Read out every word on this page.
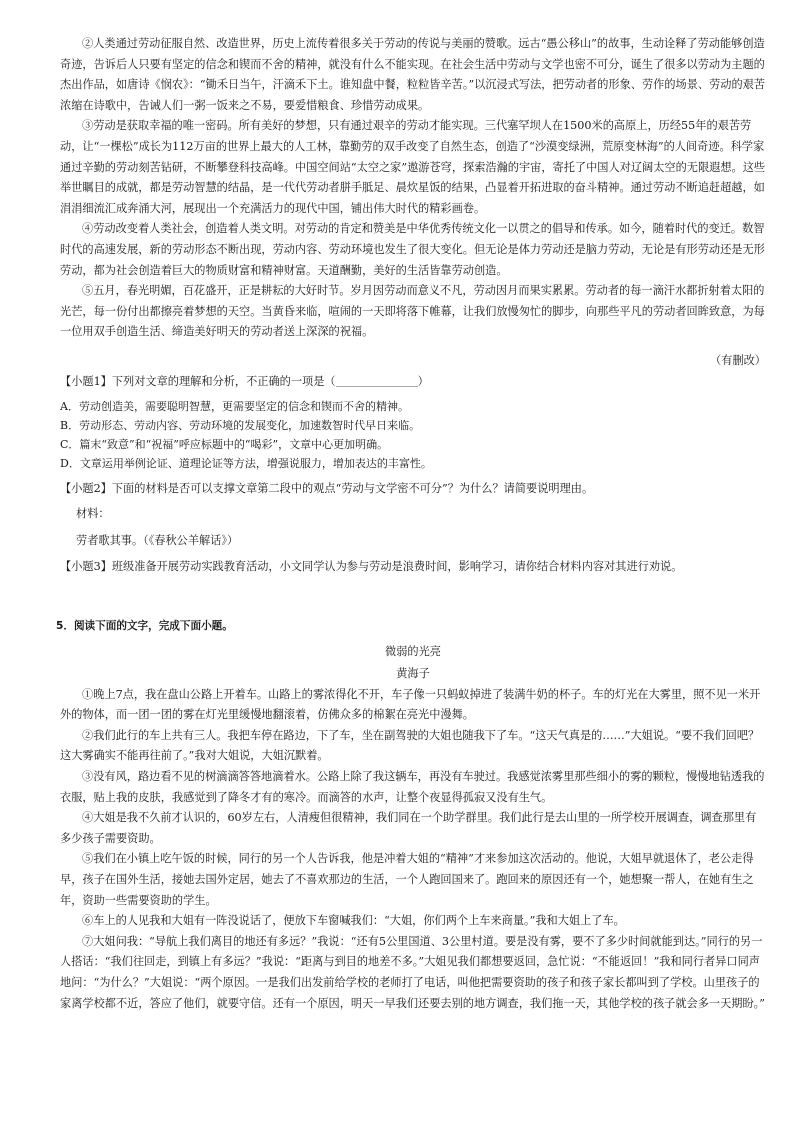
②人类通过劳动征服自然、改造世界，历史上流传着很多关于劳动的传说与美丽的赞歌。远古“愚公移山”的故事，生动诠释了劳动能够创造奇迹，告诉后人只要有坚定的信念和锲而不舍的精神，就没有什么不能实现。在社会生活中劳动与文学也密不可分，诞生了很多以劳动为主题的杰出作品，如唐诗《悯农》：“锄禾日当午，汗滴禾下土。谁知盘中餐，粒粒皆辛苦。”以沉浸式写法，把劳动者的形象、劳作的场景、劳动的艰苦浓缩在诗歌中，告诫人们一粥一饭来之不易，要爱惜粮食、珍惜劳动成果。

③劳动是获取幸福的唯一密码。所有美好的梦想，只有通过艰辛的劳动才能实现。三代塞罕坝人在1500米的高原上，历经55年的艰苦劳动，让“一棵松”成长为112万亩的世界上最大的人工林，靠勤劳的双手改变了自然生态，创造了“沙漠变绿洲，荒原变林海”的人间奇迹。科学家通过辛勤的劳动刻苦钻研，不断攀登科技高峰。中国空间站“太空之家”遨游苍穹，探索浩瀚的宇宙，寄托了中国人对辽阔太空的无限遐想。这些举世瞩目的成就，都是劳动智慧的结晶，是一代代劳动者胼手胝足、晨炊星饭的结果，凸显着开拓进取的奋斗精神。通过劳动不断追赶超越，如涓涓细流汇成奔涌大河，展现出一个充满活力的现代中国，铺出伟大时代的精彩画卷。

④劳动改变着人类社会，创造着人类文明。对劳动的肯定和赞美是中华优秀传统文化一以贯之的倡导和传承。如今，随着时代的变迁。数智时代的高速发展，新的劳动形态不断出现，劳动内容、劳动环境也发生了很大变化。但无论是体力劳动还是脑力劳动，无论是有形劳动还是无形劳动，都为社会创造着巨大的物质财富和精神财富。天道酬勤，美好的生活皆靠劳动创造。

⑤五月，春光明媚，百花盛开，正是耕耘的大好时节。岁月因劳动而意义不凡，劳动因月而果实累累。劳动者的每一滴汗水都折射着太阳的光芒，每一份付出都擦亮着梦想的天空。当黄昏来临，喧闹的一天即将落下帷幕，让我们放慢匆忙的脚步，向那些平凡的劳动者回眸致意，为每一位用双手创造生活、缔造美好明天的劳动者送上深深的祝福。

（有删改）

【小题1】下列对文章的理解和分析，不正确的一项是（	）

A．劳动创造美，需要聪明智慧，更需要坚定的信念和锲而不舍的精神。

B．劳动形态、劳动内容、劳动环境的发展变化，加速数智时代早日来临。

C．篇末“致意”和“祝福”呼应标题中的“喝彩”，文章中心更加明确。

D．文章运用举例论证、道理论证等方法，增强说服力，增加表达的丰富性。

【小题2】下面的材料是否可以支撑文章第二段中的观点“劳动与文学密不可分”？为什么？请简要说明理由。

材料：

劳者歌其事。（《春秋公羊解话》）

【小题3】班级准备开展劳动实践教育活动，小文同学认为参与劳动是浪费时间，影响学习，请你结合材料内容对其进行劝说。

5．阅读下面的文字，完成下面小题。

微弱的光亮

黄海子

①晚上7点，我在盘山公路上开着车。山路上的雾浓得化不开，车子像一只蚂蚁掉进了装满牛奶的杯子。车的灯光在大雾里，照不见一米开外的物体，而一团一团的雾在灯光里缓慢地翻滚着，仿佛众多的棉絮在亮光中漫舞。

②我们此行的车上共有三人。我把车停在路边，下了车，坐在副驾驶的大姐也随我下了车。“这天气真是的……”大姐说。“要不我们回吧？这大雾确实不能再往前了。”我对大姐说，大姐沉默着。

③没有风，路边看不见的树滴滴答答地滴着水。公路上除了我这辆车，再没有车驶过。我感觉浓雾里那些细小的雾的颗粒，慢慢地钻透我的衣服，贴上我的皮肤，我感觉到了降冬才有的寒冷。而滴答的水声，让整个夜显得孤寂又没有生气。

④大姐是我不久前才认识的，60岁左右，人清瘦但很精神，我们同在一个助学群里。我们此行是去山里的一所学校开展调查，调查那里有多少孩子需要资助。

⑤我们在小镇上吃午饭的时候，同行的另一个人告诉我，他是冲着大姐的“精神”才来参加这次活动的。他说，大姐早就退休了，老公走得早，孩子在国外生活，接她去国外定居，她去了不喜欢那边的生活，一个人跑回国来了。跑回来的原因还有一个，她想聚一帮人，在她有生之年，资助一些需要资助的学生。

⑥车上的人见我和大姐有一阵没说话了，便放下车窗喊我们：“大姐，你们两个上车来商量。”我和大姐上了车。

⑦大姐问我：“导航上我们离目的地还有多远？”我说：“还有5公里国道、3公里村道。要是没有雾，要不了多少时间就能到达。”同行的另一人搭话：“我们往回走，到镇上有多远？”我说：“距离与到目的地差不多。”大姐见我们都想要返回，急忙说：“不能返回！”我和同行者异口同声地问：“为什么？”大姐说：“两个原因。一是我们出发前给学校的老师打了电话，叫他把需要资助的孩子和孩子家长都叫到了学校。山里孩子的家离学校都不近，答应了他们，就要守信。还有一个原因，明天一早我们还要去别的地方调查，我们拖一天，其他学校的孩子就会多一天期盼。”
